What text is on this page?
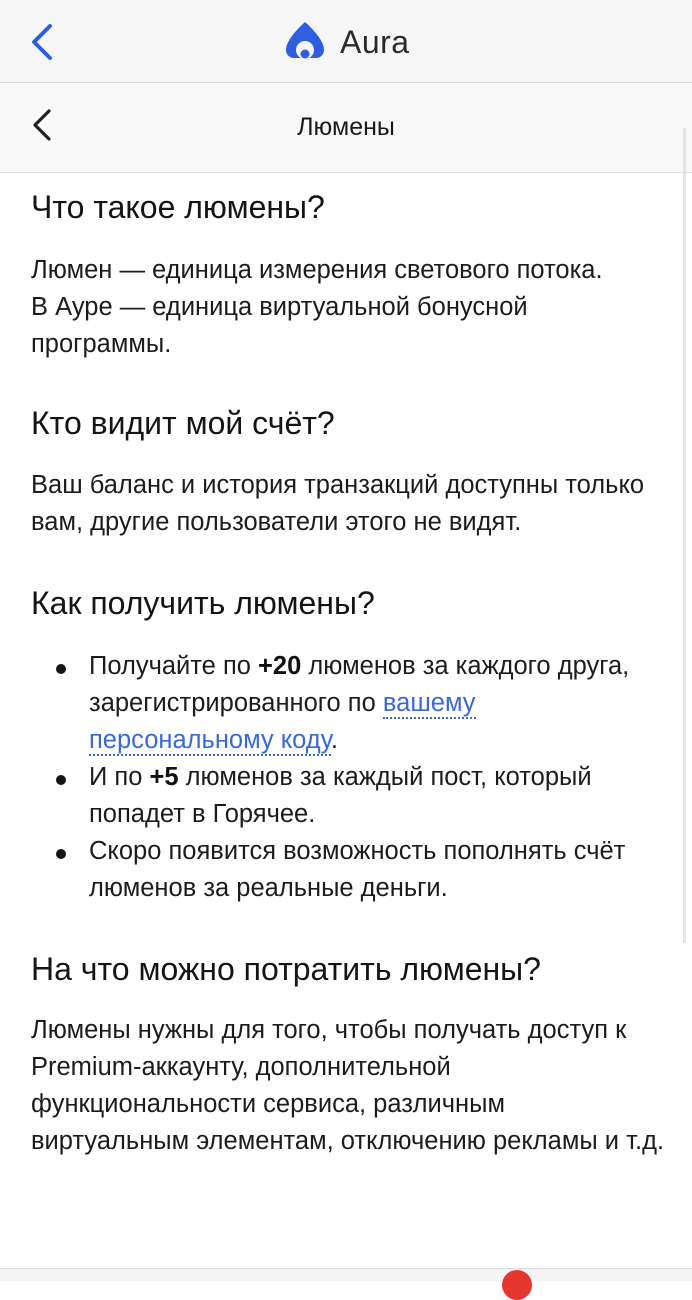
Aura
Люмены
Что такое люмены?

Люмен — единица измерения светового потока.
В Ауре — единица виртуальной бонусной программы.

Кто видит мой счёт?

Ваш баланс и история транзакций доступны только вам, другие пользователи этого не видят.

Как получить люмены?
Получайте по +20 люменов за каждого друга, зарегистрированного по вашему персональному коду.
И по +5 люменов за каждый пост, который попадет в Горячее.
Скоро появится возможность пополнять счёт люменов за реальные деньги.
На что можно потратить люмены?

Люмены нужны для того, чтобы получать доступ к Premium-аккаунту, дополнительной функциональности сервиса, различным виртуальным элементам, отключению рекламы и т.д.
